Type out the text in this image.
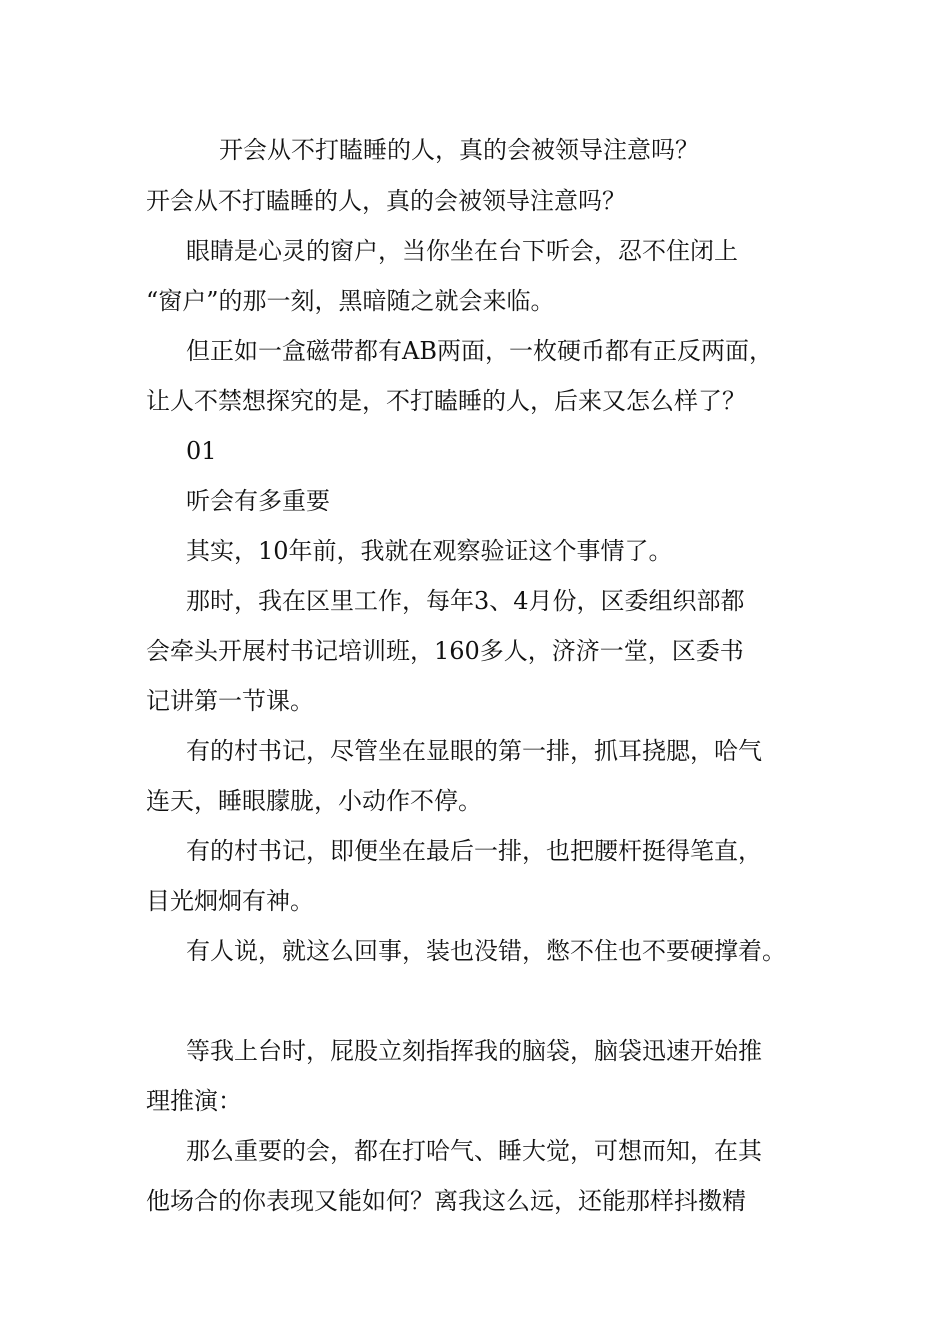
开会从不打瞌睡的人，真的会被领导注意吗？

开会从不打瞌睡的人，真的会被领导注意吗？

眼睛是心灵的窗户，当你坐在台下听会，忍不住闭上

“窗户”的那一刻，黑暗随之就会来临。

但正如一盒磁带都有AB两面，一枚硬币都有正反两面，

让人不禁想探究的是，不打瞌睡的人，后来又怎么样了？

01

听会有多重要

其实，10年前，我就在观察验证这个事情了。

那时，我在区里工作，每年3、4月份，区委组织部都

会牵头开展村书记培训班，160多人，济济一堂，区委书

记讲第一节课。

有的村书记，尽管坐在显眼的第一排，抓耳挠腮，哈气

连天，睡眼朦胧，小动作不停。

有的村书记，即便坐在最后一排，也把腰杆挺得笔直，

目光炯炯有神。

有人说，就这么回事，装也没错，憋不住也不要硬撑着。

等我上台时，屁股立刻指挥我的脑袋，脑袋迅速开始推

理推演：

那么重要的会，都在打哈气、睡大觉，可想而知，在其

他场合的你表现又能如何？离我这么远，还能那样抖擞精
